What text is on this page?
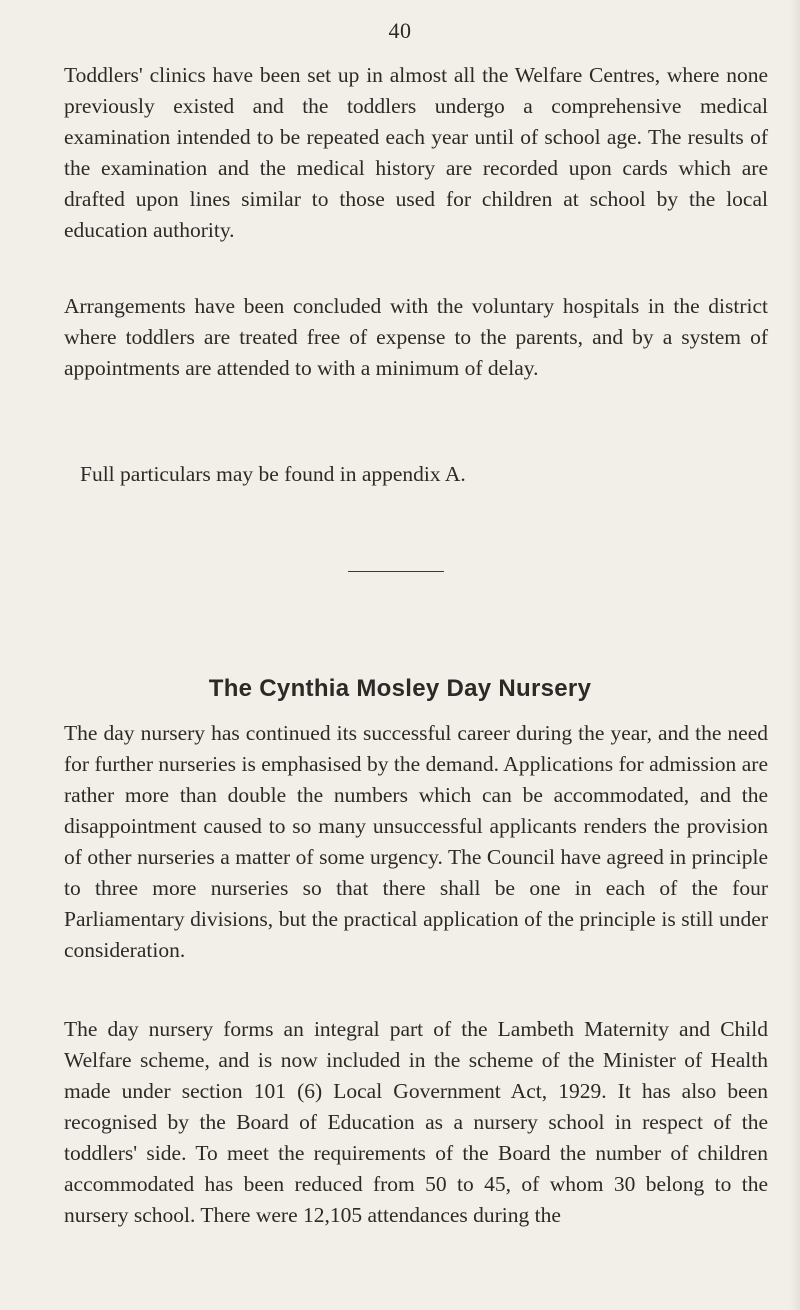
40

Toddlers' clinics have been set up in almost all the Welfare Centres, where none previously existed and the toddlers undergo a comprehensive medical examination intended to be repeated each year until of school age. The results of the examination and the medical history are recorded upon cards which are drafted upon lines similar to those used for children at school by the local education authority.

Arrangements have been concluded with the voluntary hospitals in the district where toddlers are treated free of expense to the parents, and by a system of appointments are attended to with a minimum of delay.

Full particulars may be found in appendix A.

The Cynthia Mosley Day Nursery

The day nursery has continued its successful career during the year, and the need for further nurseries is emphasised by the demand. Applications for admission are rather more than double the numbers which can be accommodated, and the disappointment caused to so many unsuccessful applicants renders the provision of other nurseries a matter of some urgency. The Council have agreed in principle to three more nurseries so that there shall be one in each of the four Parliamentary divisions, but the practical application of the principle is still under consideration.

The day nursery forms an integral part of the Lambeth Maternity and Child Welfare scheme, and is now included in the scheme of the Minister of Health made under section 101 (6) Local Government Act, 1929. It has also been recognised by the Board of Education as a nursery school in respect of the toddlers' side. To meet the requirements of the Board the number of children accommodated has been reduced from 50 to 45, of whom 30 belong to the nursery school. There were 12,105 attendances during the
